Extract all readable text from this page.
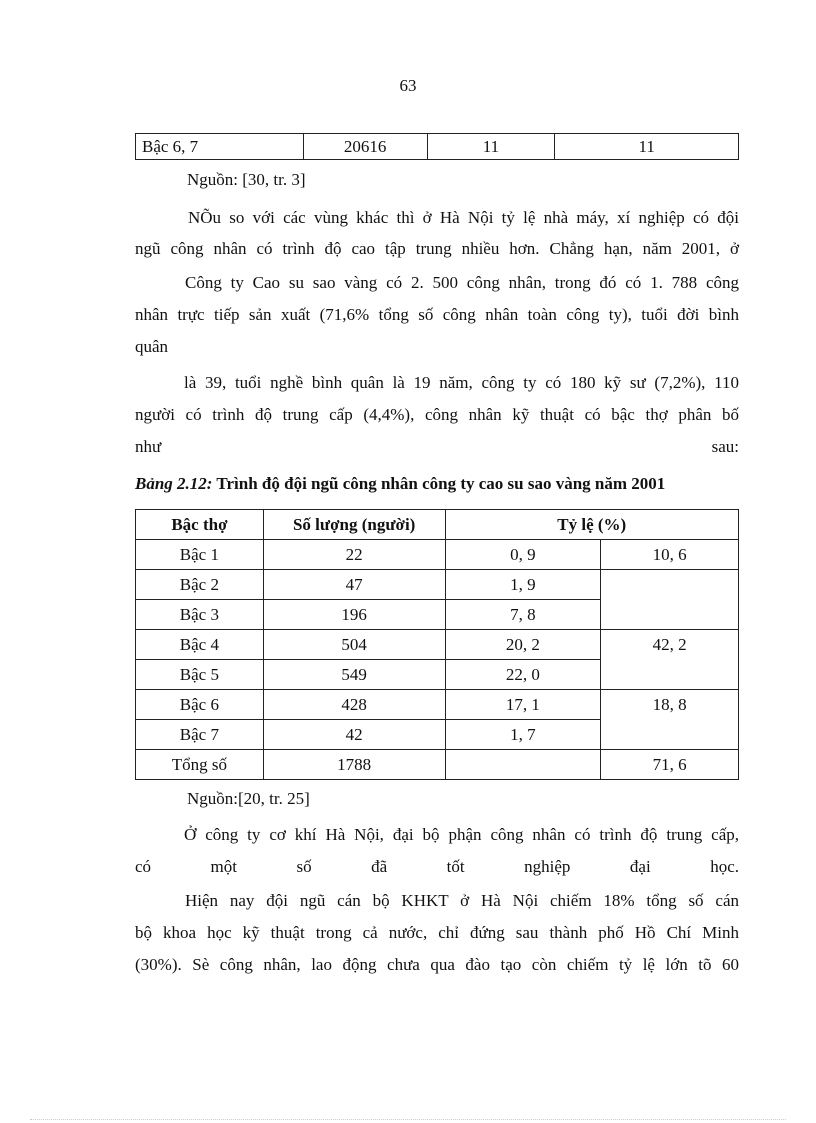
63
Bậc 6, 7	20616	11	11
Nguồn: [30, tr. 3]
NÕu so với các vùng khác thì ở Hà Nội tỷ lệ nhà máy, xí nghiệp có đội
ngũ công nhân có trình độ cao tập trung nhiều hơn. Chẳng hạn, năm 2001, ở
Công ty Cao su sao vàng có 2. 500 công nhân, trong đó có 1. 788 công
nhân trực tiếp sản xuất (71,6% tổng số công nhân toàn công ty), tuổi đời bình
quân
là 39, tuổi nghề bình quân là 19 năm, công ty có 180 kỹ sư (7,2%), 110
người có trình độ trung cấp (4,4%), công nhân kỹ thuật có bậc thợ phân bố
như	sau:
Bảng 2.12: Trình độ đội ngũ công nhân công ty cao su sao vàng năm 2001
Bậc thợ	Số lượng (người)	Tỷ lệ (%)	
Bậc 1	22	0, 9	10, 6
Bậc 2	47	1, 9	
Bậc 3	196	7, 8	
Bậc 4	504	20, 2	42, 2
Bậc 5	549	22, 0	
Bậc 6	428	17, 1	18, 8
Bậc 7	42	1, 7	
Tổng số	1788		71, 6
Nguồn:[20, tr. 25]
Ở công ty cơ khí Hà Nội, đại bộ phận công nhân có trình độ trung cấp,
có	một	số	đã	tốt	nghiệp	đại	học.
Hiện nay đội ngũ cán bộ KHKT ở Hà Nội chiếm 18% tổng số cán
bộ khoa học kỹ thuật trong cả nước, chỉ đứng sau thành phố Hồ Chí Minh
(30%). Sè công nhân, lao động chưa qua đào tạo còn chiếm tỷ lệ lớn tõ 60
